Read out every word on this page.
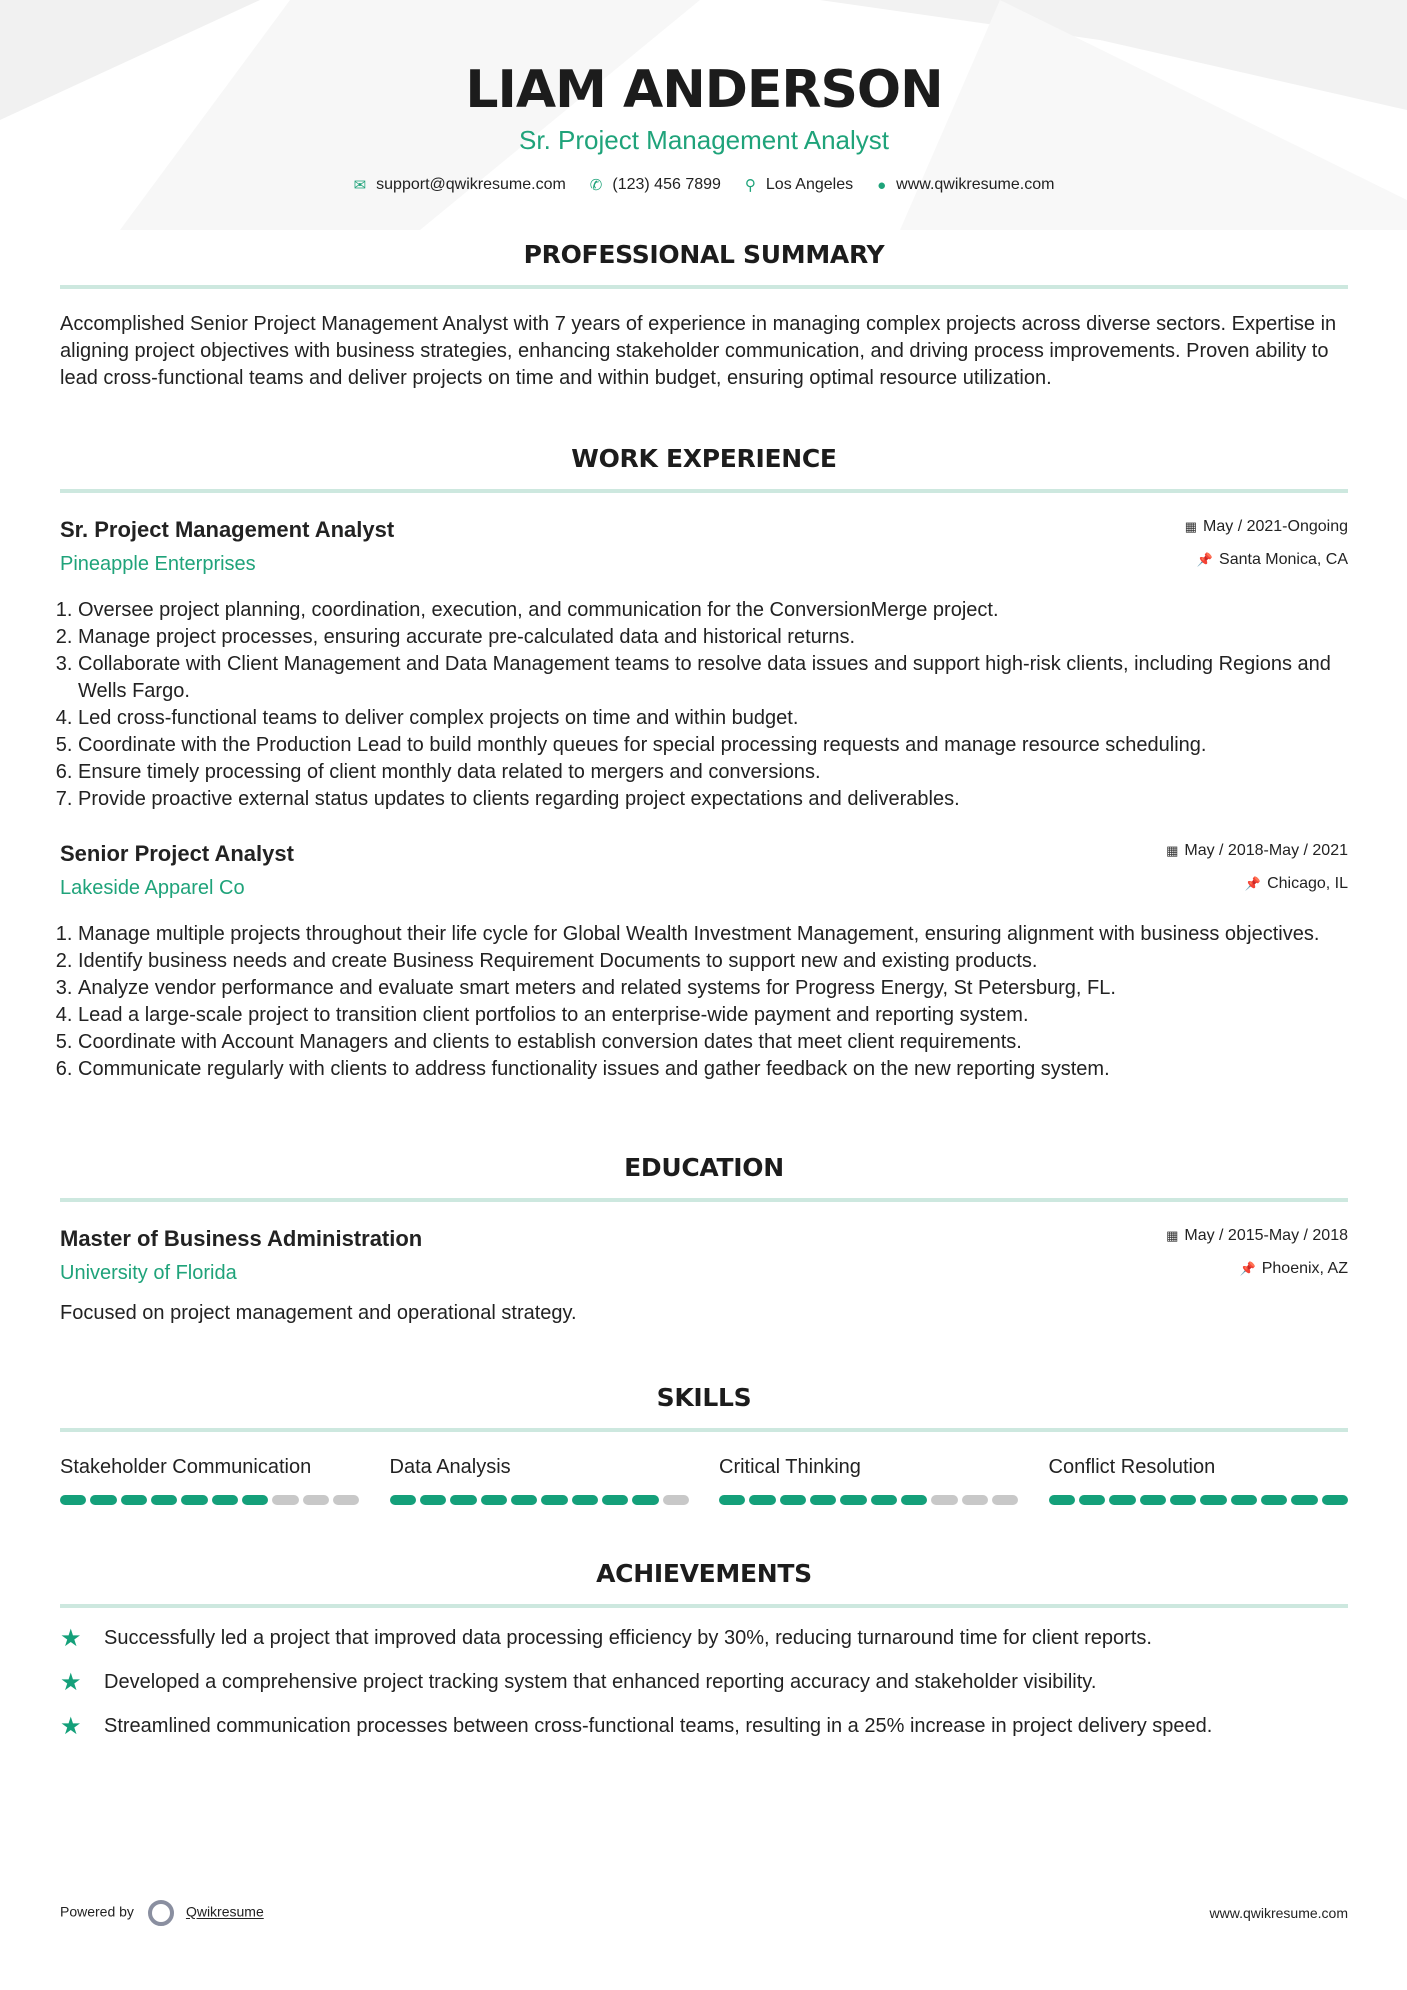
LIAM ANDERSON
Sr. Project Management Analyst
✉ support@qwikresume.com ✆ (123) 456 7899 ⚲ Los Angeles ● www.qwikresume.com
PROFESSIONAL SUMMARY
Accomplished Senior Project Management Analyst with 7 years of experience in managing complex projects across diverse sectors. Expertise in aligning project objectives with business strategies, enhancing stakeholder communication, and driving process improvements. Proven ability to lead cross-functional teams and deliver projects on time and within budget, ensuring optimal resource utilization.
WORK EXPERIENCE
Sr. Project Management Analyst
Pineapple Enterprises
▦ May / 2021-Ongoing
📌 Santa Monica, CA
1. Oversee project planning, coordination, execution, and communication for the ConversionMerge project.
2. Manage project processes, ensuring accurate pre-calculated data and historical returns.
3. Collaborate with Client Management and Data Management teams to resolve data issues and support high-risk clients, including Regions and Wells Fargo.
4. Led cross-functional teams to deliver complex projects on time and within budget.
5. Coordinate with the Production Lead to build monthly queues for special processing requests and manage resource scheduling.
6. Ensure timely processing of client monthly data related to mergers and conversions.
7. Provide proactive external status updates to clients regarding project expectations and deliverables.
Senior Project Analyst
Lakeside Apparel Co
▦ May / 2018-May / 2021
📌 Chicago, IL
1. Manage multiple projects throughout their life cycle for Global Wealth Investment Management, ensuring alignment with business objectives.
2. Identify business needs and create Business Requirement Documents to support new and existing products.
3. Analyze vendor performance and evaluate smart meters and related systems for Progress Energy, St Petersburg, FL.
4. Lead a large-scale project to transition client portfolios to an enterprise-wide payment and reporting system.
5. Coordinate with Account Managers and clients to establish conversion dates that meet client requirements.
6. Communicate regularly with clients to address functionality issues and gather feedback on the new reporting system.
EDUCATION
Master of Business Administration
University of Florida
▦ May / 2015-May / 2018
📌 Phoenix, AZ
Focused on project management and operational strategy.
SKILLS
Stakeholder Communication	Data Analysis	Critical Thinking	Conflict Resolution
ACHIEVEMENTS
★	Successfully led a project that improved data processing efficiency by 30%, reducing turnaround time for client reports.
★	Developed a comprehensive project tracking system that enhanced reporting accuracy and stakeholder visibility.
★	Streamlined communication processes between cross-functional teams, resulting in a 25% increase in project delivery speed.
Powered by	Qwikresume	www.qwikresume.com
